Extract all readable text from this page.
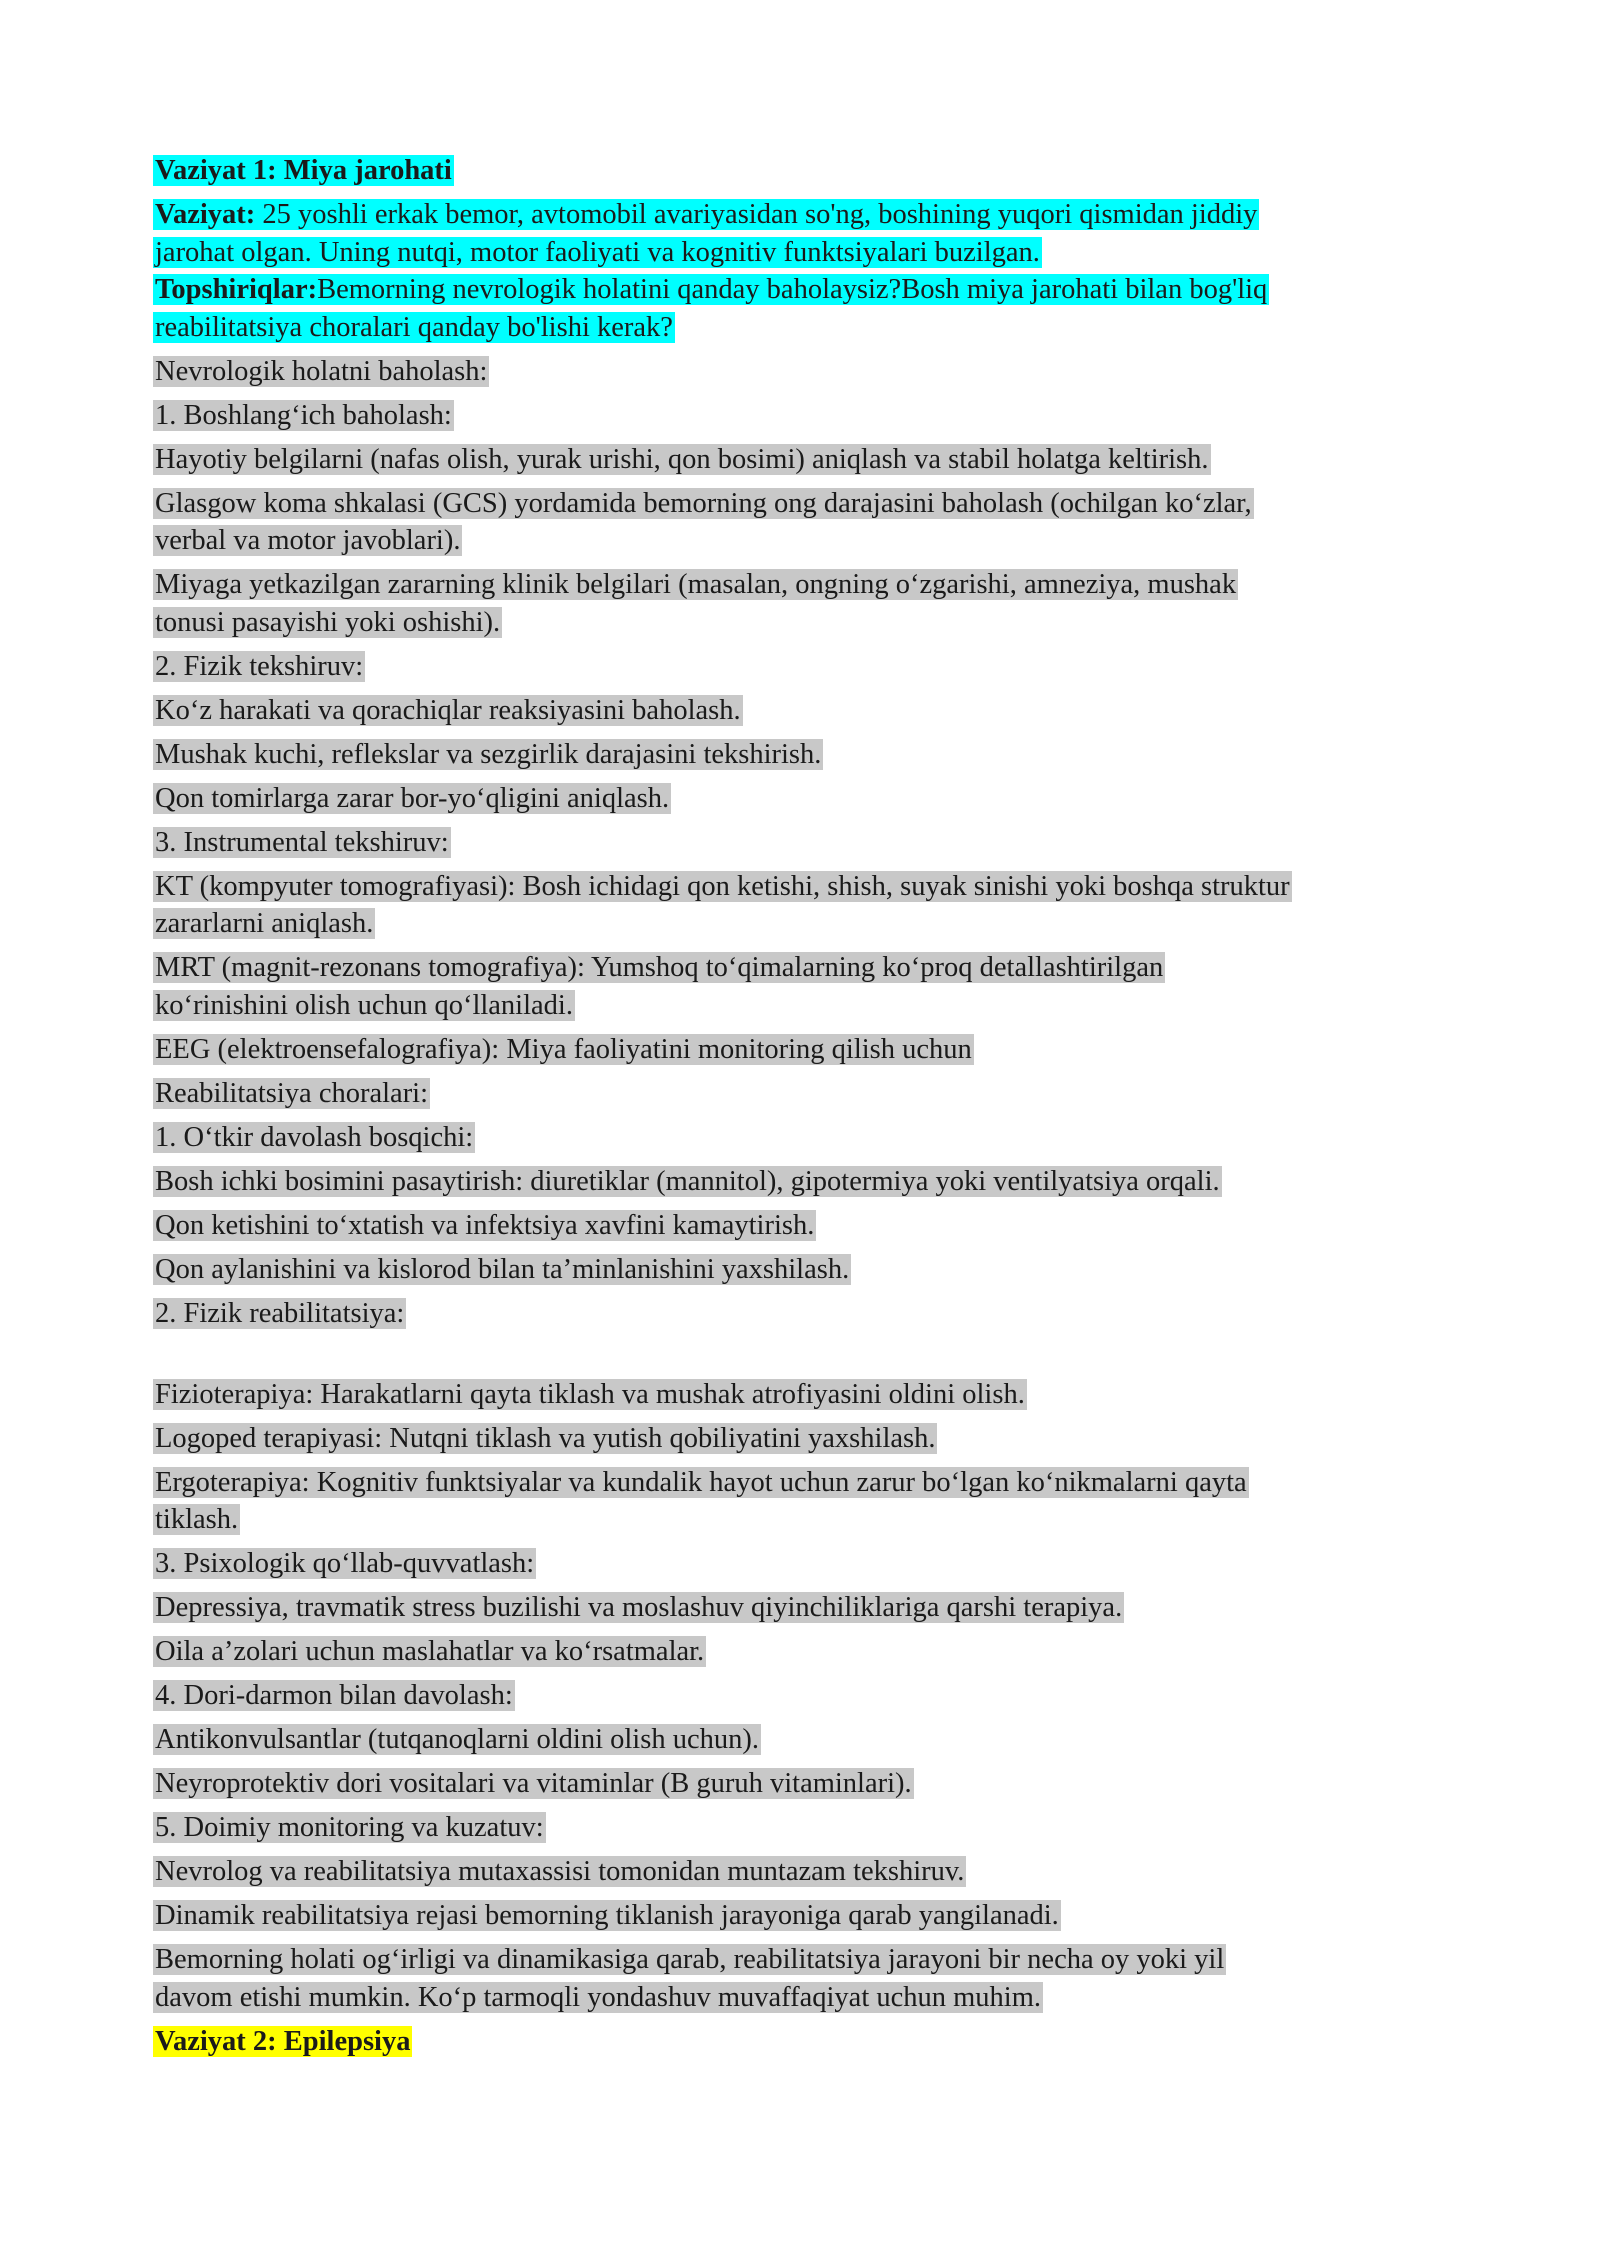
Vaziyat 1: Miya jarohati
Vaziyat: 25 yoshli erkak bemor, avtomobil avariyasidan so'ng, boshining yuqori qismidan jiddiy
jarohat olgan. Uning nutqi, motor faoliyati va kognitiv funktsiyalari buzilgan.
Topshiriqlar:Bemorning nevrologik holatini qanday baholaysiz?Bosh miya jarohati bilan bog'liq
reabilitatsiya choralari qanday bo'lishi kerak?
Nevrologik holatni baholash:
1. Boshlang‘ich baholash:
Hayotiy belgilarni (nafas olish, yurak urishi, qon bosimi) aniqlash va stabil holatga keltirish.
Glasgow koma shkalasi (GCS) yordamida bemorning ong darajasini baholash (ochilgan ko‘zlar,
verbal va motor javoblari).
Miyaga yetkazilgan zararning klinik belgilari (masalan, ongning o‘zgarishi, amneziya, mushak
tonusi pasayishi yoki oshishi).
2. Fizik tekshiruv:
Ko‘z harakati va qorachiqlar reaksiyasini baholash.
Mushak kuchi, reflekslar va sezgirlik darajasini tekshirish.
Qon tomirlarga zarar bor-yo‘qligini aniqlash.
3. Instrumental tekshiruv:
KT (kompyuter tomografiyasi): Bosh ichidagi qon ketishi, shish, suyak sinishi yoki boshqa struktur
zararlarni aniqlash.
MRT (magnit-rezonans tomografiya): Yumshoq to‘qimalarning ko‘proq detallashtirilgan
ko‘rinishini olish uchun qo‘llaniladi.
EEG (elektroensefalografiya): Miya faoliyatini monitoring qilish uchun
Reabilitatsiya choralari:
1. O‘tkir davolash bosqichi:
Bosh ichki bosimini pasaytirish: diuretiklar (mannitol), gipotermiya yoki ventilyatsiya orqali.
Qon ketishini to‘xtatish va infektsiya xavfini kamaytirish.
Qon aylanishini va kislorod bilan ta’minlanishini yaxshilash.
2. Fizik reabilitatsiya:
Fizioterapiya: Harakatlarni qayta tiklash va mushak atrofiyasini oldini olish.
Logoped terapiyasi: Nutqni tiklash va yutish qobiliyatini yaxshilash.
Ergoterapiya: Kognitiv funktsiyalar va kundalik hayot uchun zarur bo‘lgan ko‘nikmalarni qayta
tiklash.
3. Psixologik qo‘llab-quvvatlash:
Depressiya, travmatik stress buzilishi va moslashuv qiyinchiliklariga qarshi terapiya.
Oila a’zolari uchun maslahatlar va ko‘rsatmalar.
4. Dori-darmon bilan davolash:
Antikonvulsantlar (tutqanoqlarni oldini olish uchun).
Neyroprotektiv dori vositalari va vitaminlar (B guruh vitaminlari).
5. Doimiy monitoring va kuzatuv:
Nevrolog va reabilitatsiya mutaxassisi tomonidan muntazam tekshiruv.
Dinamik reabilitatsiya rejasi bemorning tiklanish jarayoniga qarab yangilanadi.
Bemorning holati og‘irligi va dinamikasiga qarab, reabilitatsiya jarayoni bir necha oy yoki yil
davom etishi mumkin. Ko‘p tarmoqli yondashuv muvaffaqiyat uchun muhim.
Vaziyat 2: Epilepsiya
